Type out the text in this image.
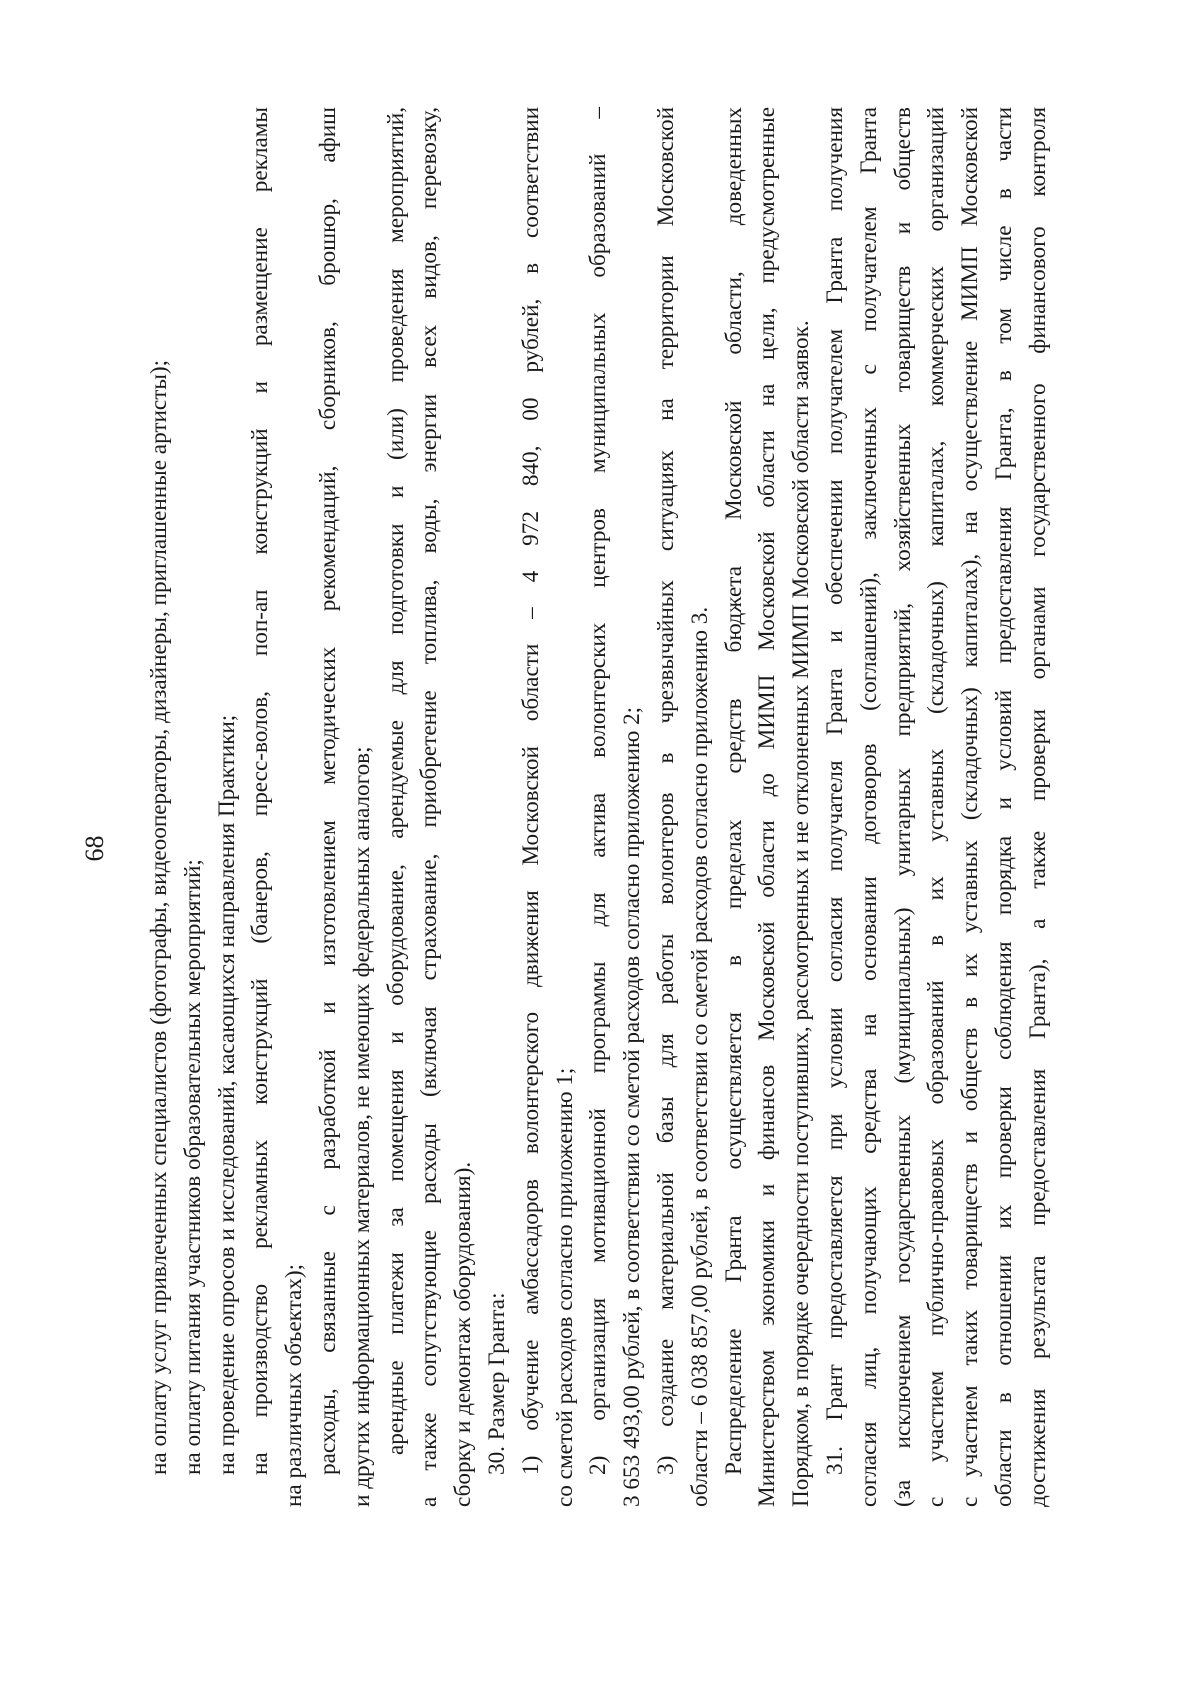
68 на оплату услуг привлеченных специалистов (фотографы, видеооператоры, дизайнеры, приглашенные артисты); на оплату питания участников образовательных мероприятий; на проведение опросов и исследований, касающихся направления Практики; на производство рекламных конструкций (банеров, пресс-волов, поп-ап конструкций и размещение рекламы на различных объектах); расходы, связанные с разработкой и изготовлением методических рекомендаций, сборников, брошюр, афиш и других информационных материалов, не имеющих федеральных аналогов; арендные платежи за помещения и оборудование, арендуемые для подготовки и (или) проведения мероприятий, а также сопутствующие расходы (включая страхование, приобретение топлива, воды, энергии всех видов, перевозку, сборку и демонтаж оборудования). 30. Размер Гранта: 1) обучение амбассадоров волонтерского движения Московской области – 4 972 840, 00 рублей, в соответствии со сметой расходов согласно приложению 1; 2) организация мотивационной программы для актива волонтерских центров муниципальных образований – 3 653 493,00 рублей, в соответствии со сметой расходов согласно приложению 2; 3) создание материальной базы для работы волонтеров в чрезвычайных ситуациях на территории Московской области – 6 038 857,00 рублей, в соответствии со сметой расходов согласно приложению 3. Распределение Гранта осуществляется в пределах средств бюджета Московской области, доведенных Министерством экономики и финансов Московской области до МИМП Московской области на цели, предусмотренные Порядком, в порядке очередности поступивших, рассмотренных и не отклоненных МИМП Московской области заявок. 31. Грант предоставляется при условии согласия получателя Гранта и обеспечении получателем Гранта получения согласия лиц, получающих средства на основании договоров (соглашений), заключенных с получателем Гранта (за исключением государственных (муниципальных) унитарных предприятий, хозяйственных товариществ и обществ с участием публично-правовых образований в их уставных (складочных) капиталах, коммерческих организаций с участием таких товариществ и обществ в их уставных (складочных) капиталах), на осуществление МИМП Московской области в отношении их проверки соблюдения порядка и условий предоставления Гранта, в том числе в части достижения результата предоставления Гранта), а также проверки органами государственного финансового контроля
